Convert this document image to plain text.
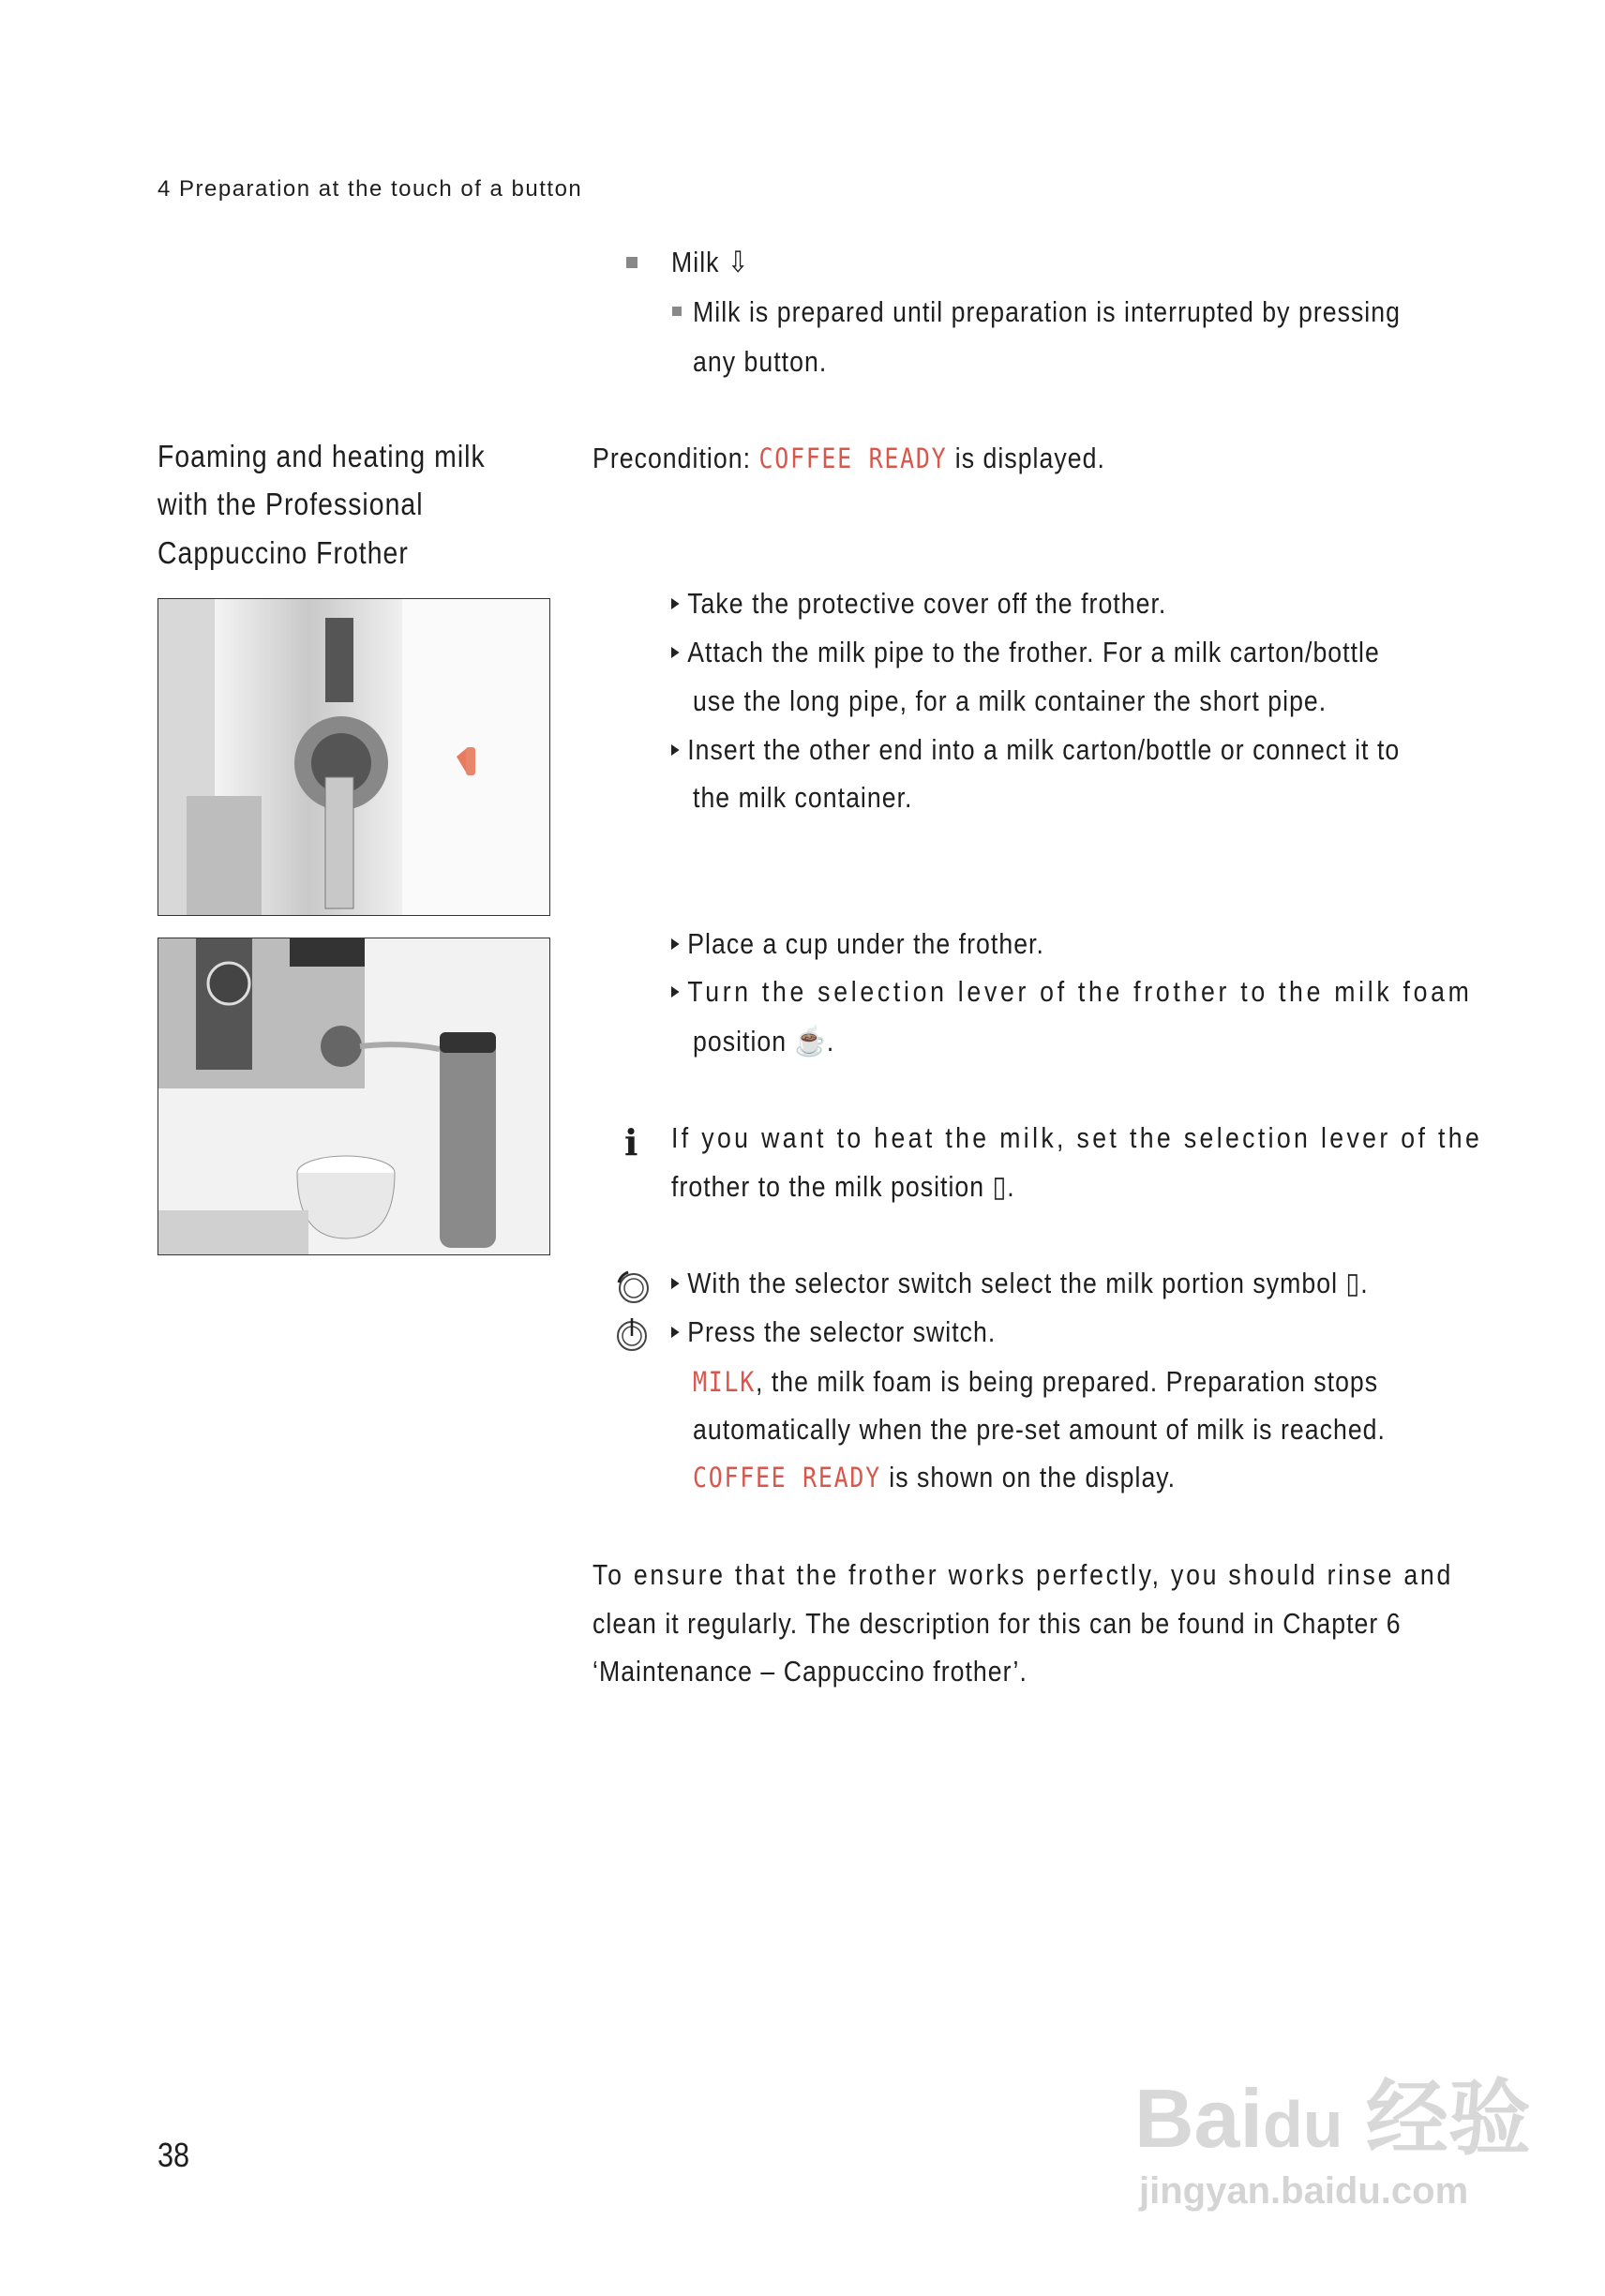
4 Preparation at the touch of a button
Milk ⇩
Milk is prepared until preparation is interrupted by pressing
any button.
Foaming and heating milk
with the Professional
Cappuccino Frother
Precondition: COFFEE READY is displayed.
Take the protective cover off the frother.
Attach the milk pipe to the frother. For a milk carton/bottle
use the long pipe, for a milk container the short pipe.
Insert the other end into a milk carton/bottle or connect it to
the milk container.
Place a cup under the frother.
Turn the selection lever of the frother to the milk foam
position ☕.
i If you want to heat the milk, set the selection lever of the
frother to the milk position ▯.
With the selector switch select the milk portion symbol ▯.
Press the selector switch.
MILK, the milk foam is being prepared. Preparation stops
automatically when the pre-set amount of milk is reached.
COFFEE READY is shown on the display.
To ensure that the frother works perfectly, you should rinse and
clean it regularly. The description for this can be found in Chapter 6
‘Maintenance – Cappuccino frother’.
38	Baidu 经验
jingyan.baidu.com
